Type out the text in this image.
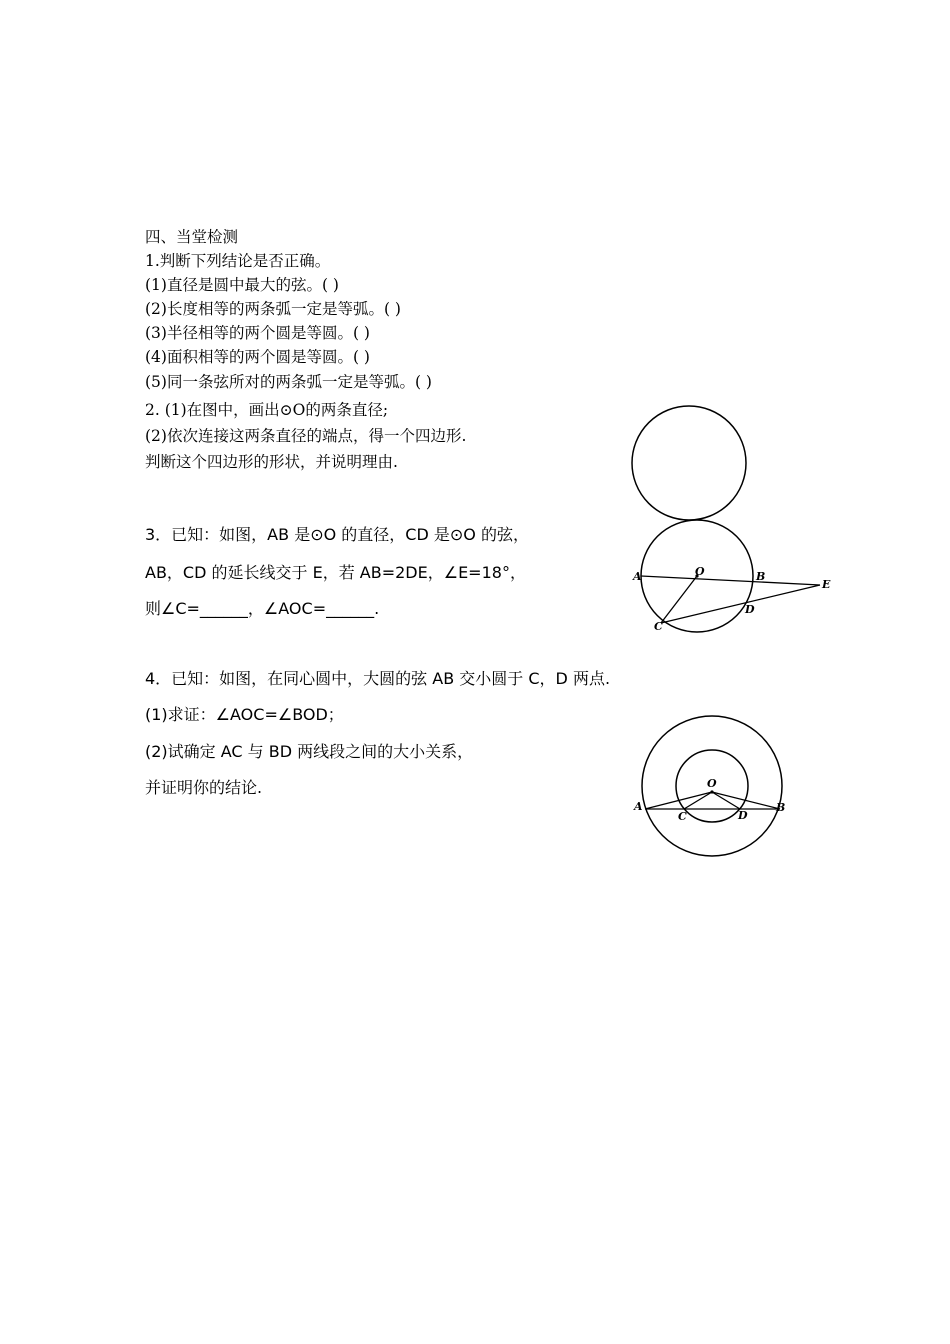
四、当堂检测
1.判断下列结论是否正确。
(1)直径是圆中最大的弦。( )
(2)长度相等的两条弧一定是等弧。( )
(3)半径相等的两个圆是等圆。( )
(4)面积相等的两个圆是等圆。( )
(5)同一条弦所对的两条弧一定是等弧。( )
2. (1)在图中，画出⊙O的两条直径;
(2)依次连接这两条直径的端点，得一个四边形.
判断这个四边形的形状，并说明理由.
3．已知：如图，AB 是⊙O 的直径，CD 是⊙O 的弦，
AB，CD 的延长线交于 E，若 AB=2DE，∠E=18°，
则∠C=______，∠AOC=______.
A	O	B
E
C
D
4．已知：如图，在同心圆中，大圆的弦 AB 交小圆于 C，D 两点.
(1)求证：∠AOC=∠BOD；
(2)试确定 AC 与 BD 两线段之间的大小关系，
并证明你的结论.	O
A
C	D
B
